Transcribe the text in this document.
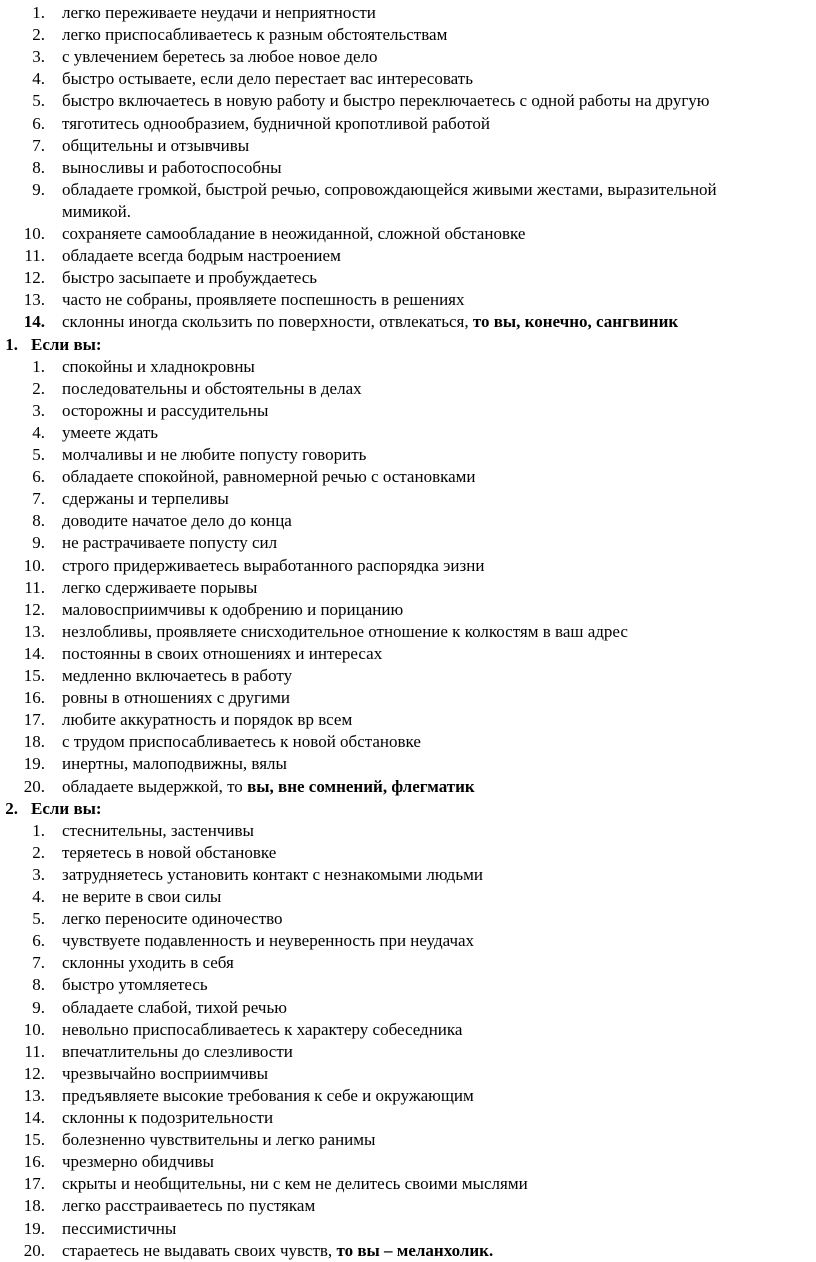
1. легко переживаете неудачи и неприятности
2. легко приспосабливаетесь к разным обстоятельствам
3. с увлечением беретесь за любое новое дело
4. быстро остываете, если дело перестает вас интересовать
5. быстро включаетесь в новую работу и быстро переключаетесь с одной работы на другую
6. тяготитесь однообразием, будничной кропотливой работой
7. общительны и отзывчивы
8. выносливы и работоспособны
9. обладаете громкой, быстрой речью, сопровождающейся живыми жестами, выразительной
мимикой.
10. сохраняете самообладание в неожиданной, сложной обстановке
11. обладаете всегда бодрым настроением
12. быстро засыпаете и пробуждаетесь
13. часто не собраны, проявляете поспешность в решениях
14. склонны иногда скользить по поверхности, отвлекаться, то вы, конечно, сангвиник
1. Если вы:
1. спокойны и хладнокровны
2. последовательны и обстоятельны в делах
3. осторожны и рассудительны
4. умеете ждать
5. молчаливы и не любите попусту говорить
6. обладаете спокойной, равномерной речью с остановками
7. сдержаны и терпеливы
8. доводите начатое дело до конца
9. не растрачиваете попусту сил
10. строго придерживаетесь выработанного распорядка эизни
11. легко сдерживаете порывы
12. маловосприимчивы к одобрению и порицанию
13. незлобливы, проявляете снисходительное отношение к колкостям в ваш адрес
14. постоянны в своих отношениях и интересах
15. медленно включаетесь в работу
16. ровны в отношениях с другими
17. любите аккуратность и порядок вр всем
18. с трудом приспосабливаетесь к новой обстановке
19. инертны, малоподвижны, вялы
20. обладаете выдержкой, то вы, вне сомнений, флегматик
2. Если вы:
1. стеснительны, застенчивы
2. теряетесь в новой обстановке
3. затрудняетесь установить контакт с незнакомыми людьми
4. не верите в свои силы
5. легко переносите одиночество
6. чувствуете подавленность и неуверенность при неудачах
7. склонны уходить в себя
8. быстро утомляетесь
9. обладаете слабой, тихой речью
10. невольно приспосабливаетесь к характеру собеседника
11. впечатлительны до слезливости
12. чрезвычайно восприимчивы
13. предъявляете высокие требования к себе и окружающим
14. склонны к подозрительности
15. болезненно чувствительны и легко ранимы
16. чрезмерно обидчивы
17. скрыты и необщительны, ни с кем не делитесь своими мыслями
18. легко расстраиваетесь по пустякам
19. пессимистичны
20. стараетесь не выдавать своих чувств, то вы – меланхолик.
